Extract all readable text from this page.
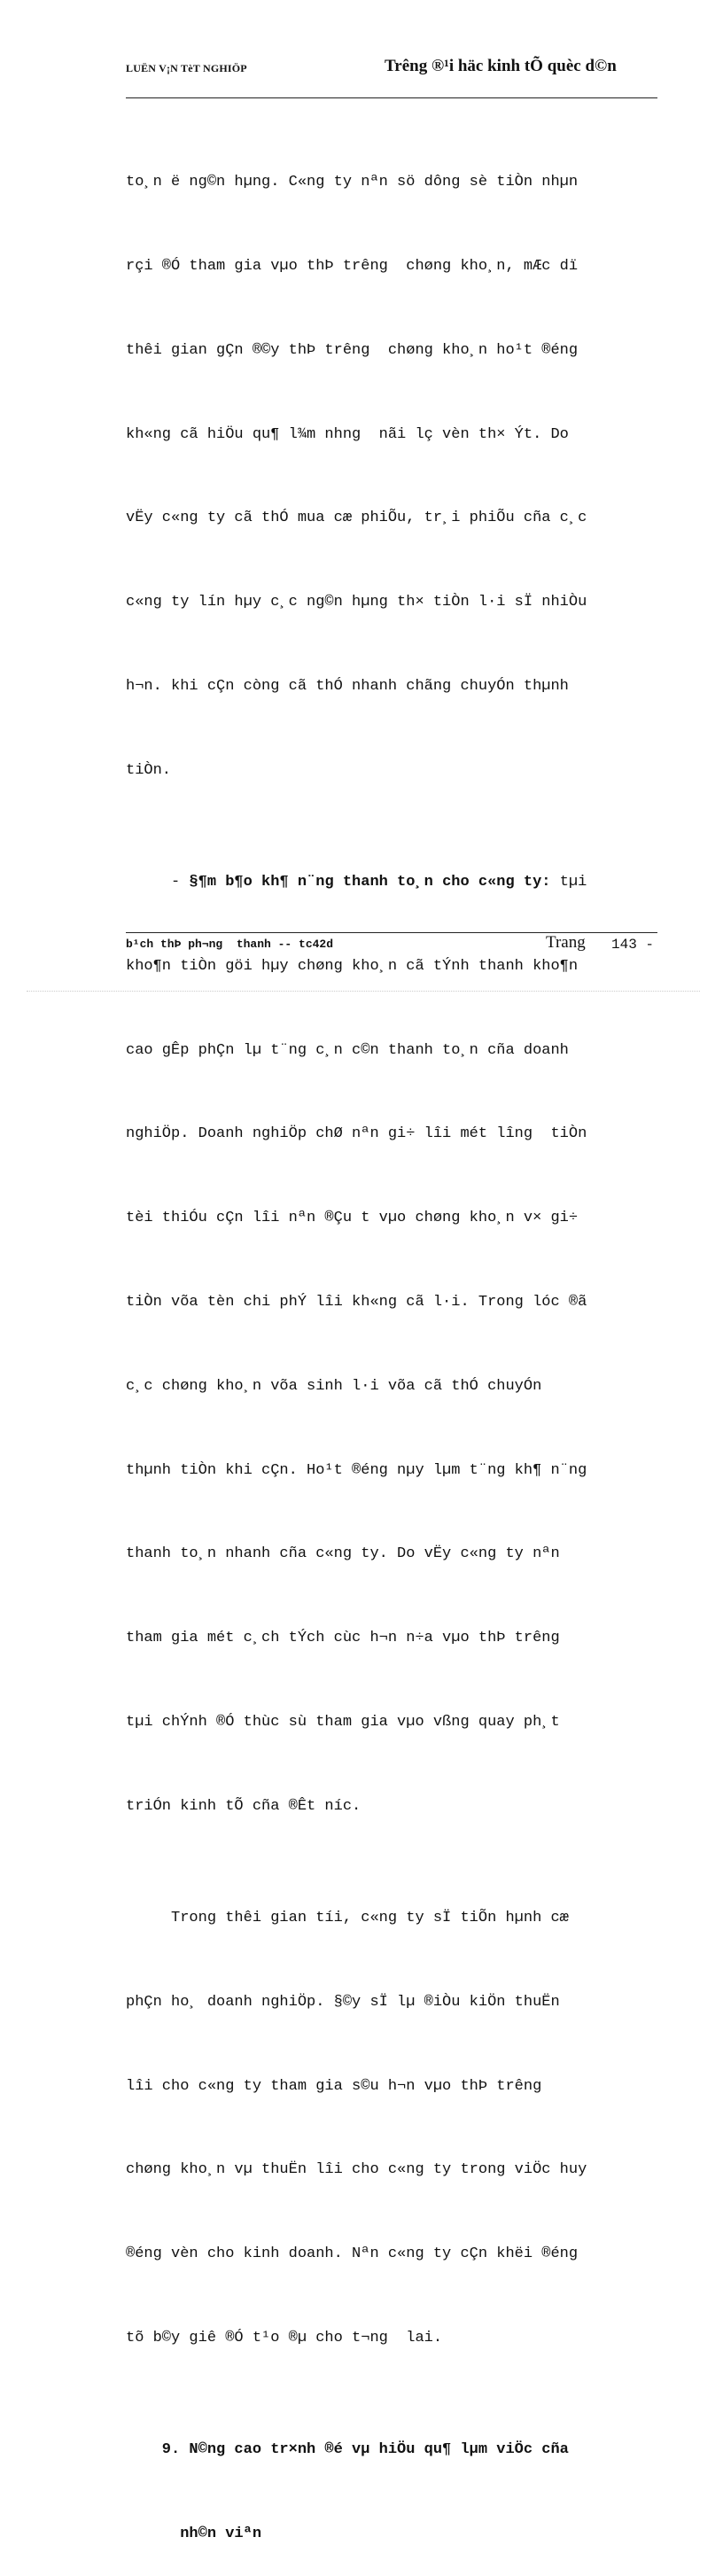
LUËN V¡N TèT NGHIÖP	Trêng ®¹i häc kinh tÕ quèc d©n

to¸n ë ng©n hµng. C«ng ty nªn sö dông sè tiÒn nhµn

rçi ®Ó tham gia vµo thÞ trêng  chøng kho¸n, mÆc dï

thêi gian gÇn ®©y thÞ trêng  chøng kho¸n ho¹t ®éng

kh«ng cã hiÖu qu¶ l¾m nhng  nãi lç vèn th× Ýt. Do

vËy c«ng ty cã thÓ mua cæ phiÕu, tr¸i phiÕu cña c¸c

c«ng ty lín hµy c¸c ng©n hµng th× tiÒn l·i sÏ nhiÒu

h¬n. khi cÇn còng cã thÓ nhanh chãng chuyÓn thµnh

tiÒn.

- §¶m b¶o kh¶ n¨ng thanh to¸n cho c«ng ty: tµi

kho¶n tiÒn göi hµy chøng kho¸n cã tÝnh thanh kho¶n

cao gÊp phÇn lµ t¨ng c¸n c©n thanh to¸n cña doanh

nghiÖp. Doanh nghiÖp chØ nªn gi÷ lîi mét lîng  tiÒn

tèi thiÓu cÇn lîi nªn ®Çu t vµo chøng kho¸n v× gi÷

tiÒn võa tèn chi phÝ lîi kh«ng cã l·i. Trong lóc ®ã

c¸c chøng kho¸n võa sinh l·i võa cã thÓ chuyÓn

thµnh tiÒn khi cÇn. Ho¹t ®éng nµy lµm t¨ng kh¶ n¨ng

thanh to¸n nhanh cña c«ng ty. Do vËy c«ng ty nªn

tham gia mét c¸ch tÝch cùc h¬n n÷a vµo thÞ trêng

tµi chÝnh ®Ó thùc sù tham gia vµo vßng quay ph¸t

triÓn kinh tÕ cña ®Êt níc.

Trong thêi gian tíi, c«ng ty sÏ tiÕn hµnh cæ

phÇn ho¸ doanh nghiÖp. §©y sÏ lµ ®iÒu kiÖn thuËn

lîi cho c«ng ty tham gia s©u h¬n vµo thÞ trêng

chøng kho¸n vµ thuËn lîi cho c«ng ty trong viÖc huy

®éng vèn cho kinh doanh. Nªn c«ng ty cÇn khëi ®éng

tõ b©y giê ®Ó t¹o ®µ cho t¬ng  lai.

9. N©ng cao tr×nh ®é vµ hiÖu qu¶ lµm viÖc cña

nh©n viªn

b¹ch thÞ ph¬ng  thanh -- tc42d	Trang 143 -
